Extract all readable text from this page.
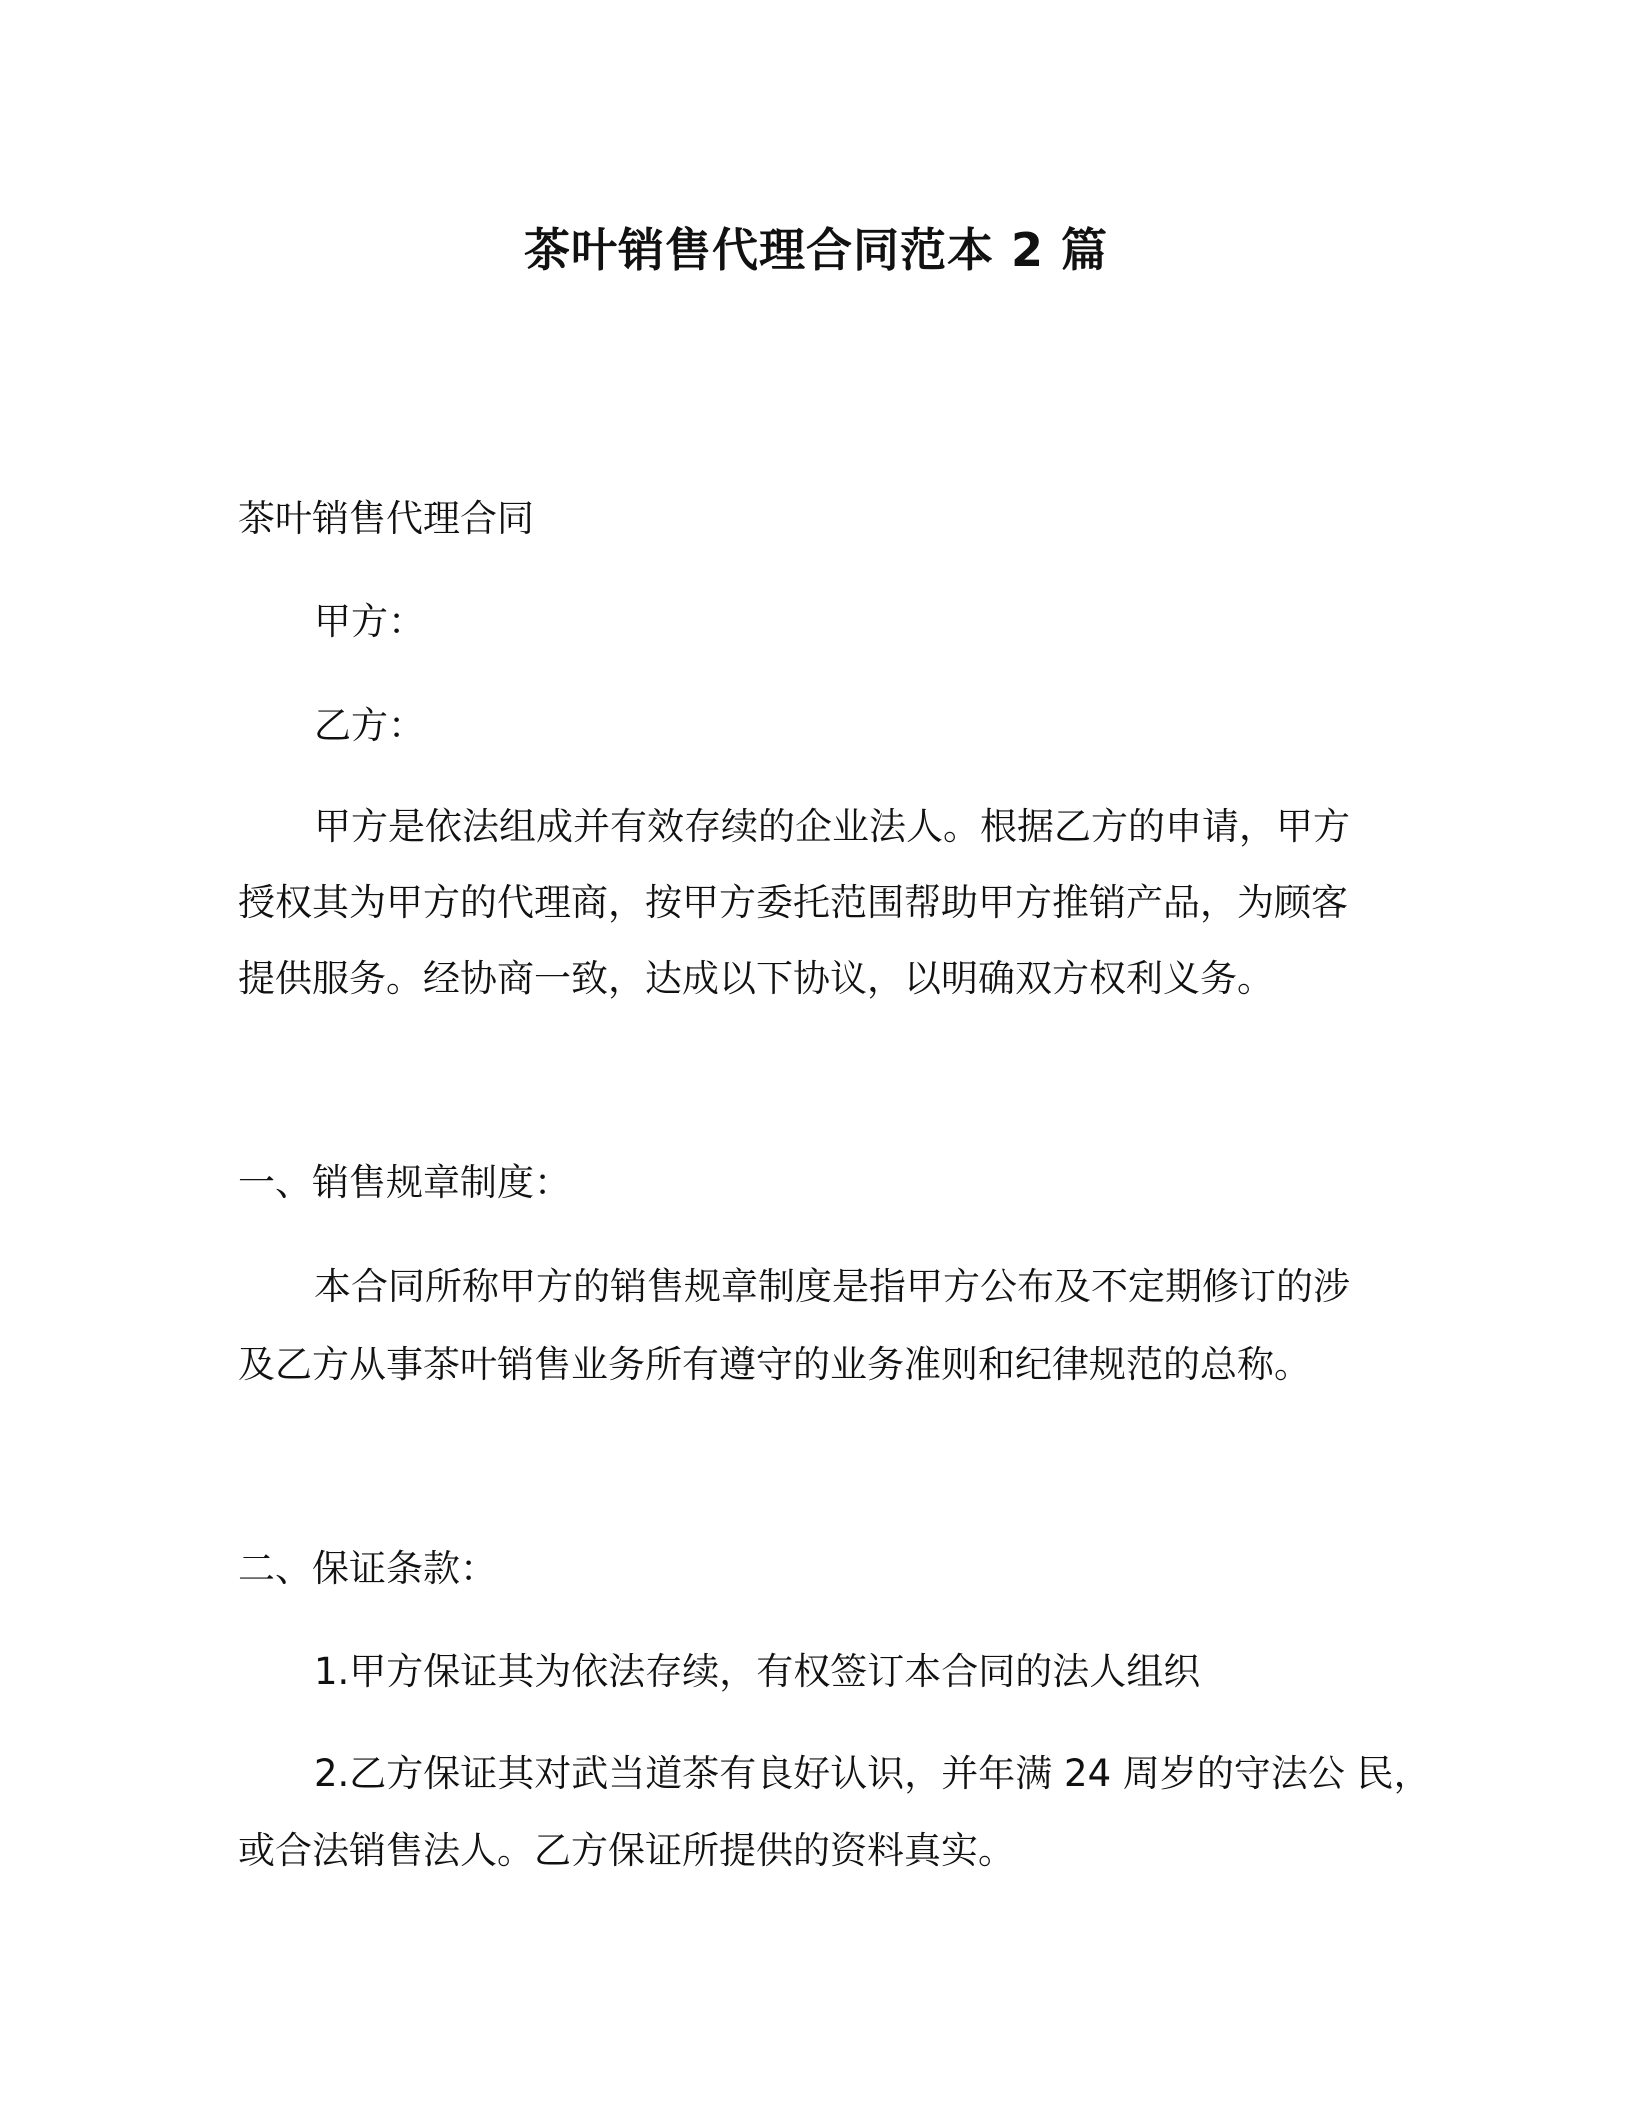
茶叶销售代理合同范本 2 篇
茶叶销售代理合同
甲方：
乙方：
甲方是依法组成并有效存续的企业法人。根据乙方的申请，甲方
授权其为甲方的代理商，按甲方委托范围帮助甲方推销产品，为顾客
提供服务。经协商一致，达成以下协议，以明确双方权利义务。
一、销售规章制度：
本合同所称甲方的销售规章制度是指甲方公布及不定期修订的涉
及乙方从事茶叶销售业务所有遵守的业务准则和纪律规范的总称。
二、保证条款：
1.甲方保证其为依法存续，有权签订本合同的法人组织
2.乙方保证其对武当道茶有良好认识，并年满 24 周岁的守法公 民，
或合法销售法人。乙方保证所提供的资料真实。
